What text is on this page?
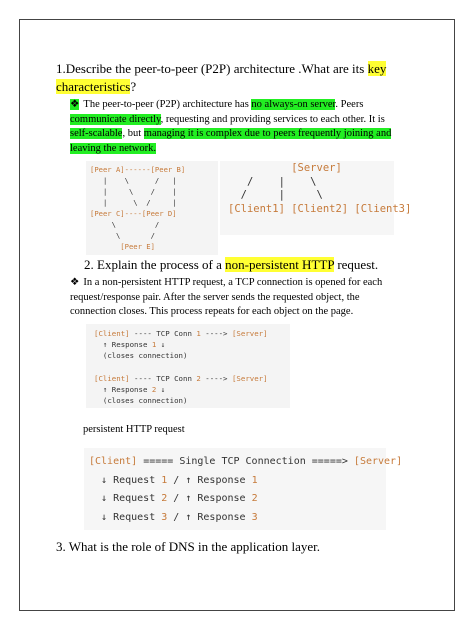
1.Describe the peer-to-peer (P2P) architecture .What are its key characteristics?
❖ The peer-to-peer (P2P) architecture has no always-on server. Peers communicate directly, requesting and providing services to each other. It is self-scalable, but managing it is complex due to peers frequently joining and leaving the network.
[Peer A]------[Peer B]
|    \      /   |
|     \    /    |
|      \  /     |
[Peer C]----[Peer D]
\         /
\       /
[Peer E]
[Server]
/    |    \
/     |     \
[Client1] [Client2] [Client3]
2. Explain the process of a non-persistent HTTP request.
❖ In a non-persistent HTTP request, a TCP connection is opened for each request/response pair. After the server sends the requested object, the connection closes. This process repeats for each object on the page.
[Client] ---- TCP Conn 1 ----> [Server]
↑ Response 1 ↓
(closes connection)

[Client] ---- TCP Conn 2 ----> [Server]
↑ Response 2 ↓
(closes connection)
persistent HTTP request
[Client] ===== Single TCP Connection =====> [Server]
↓ Request 1 / ↑ Response 1
↓ Request 2 / ↑ Response 2
↓ Request 3 / ↑ Response 3
3. What is the role of DNS in the application layer.
